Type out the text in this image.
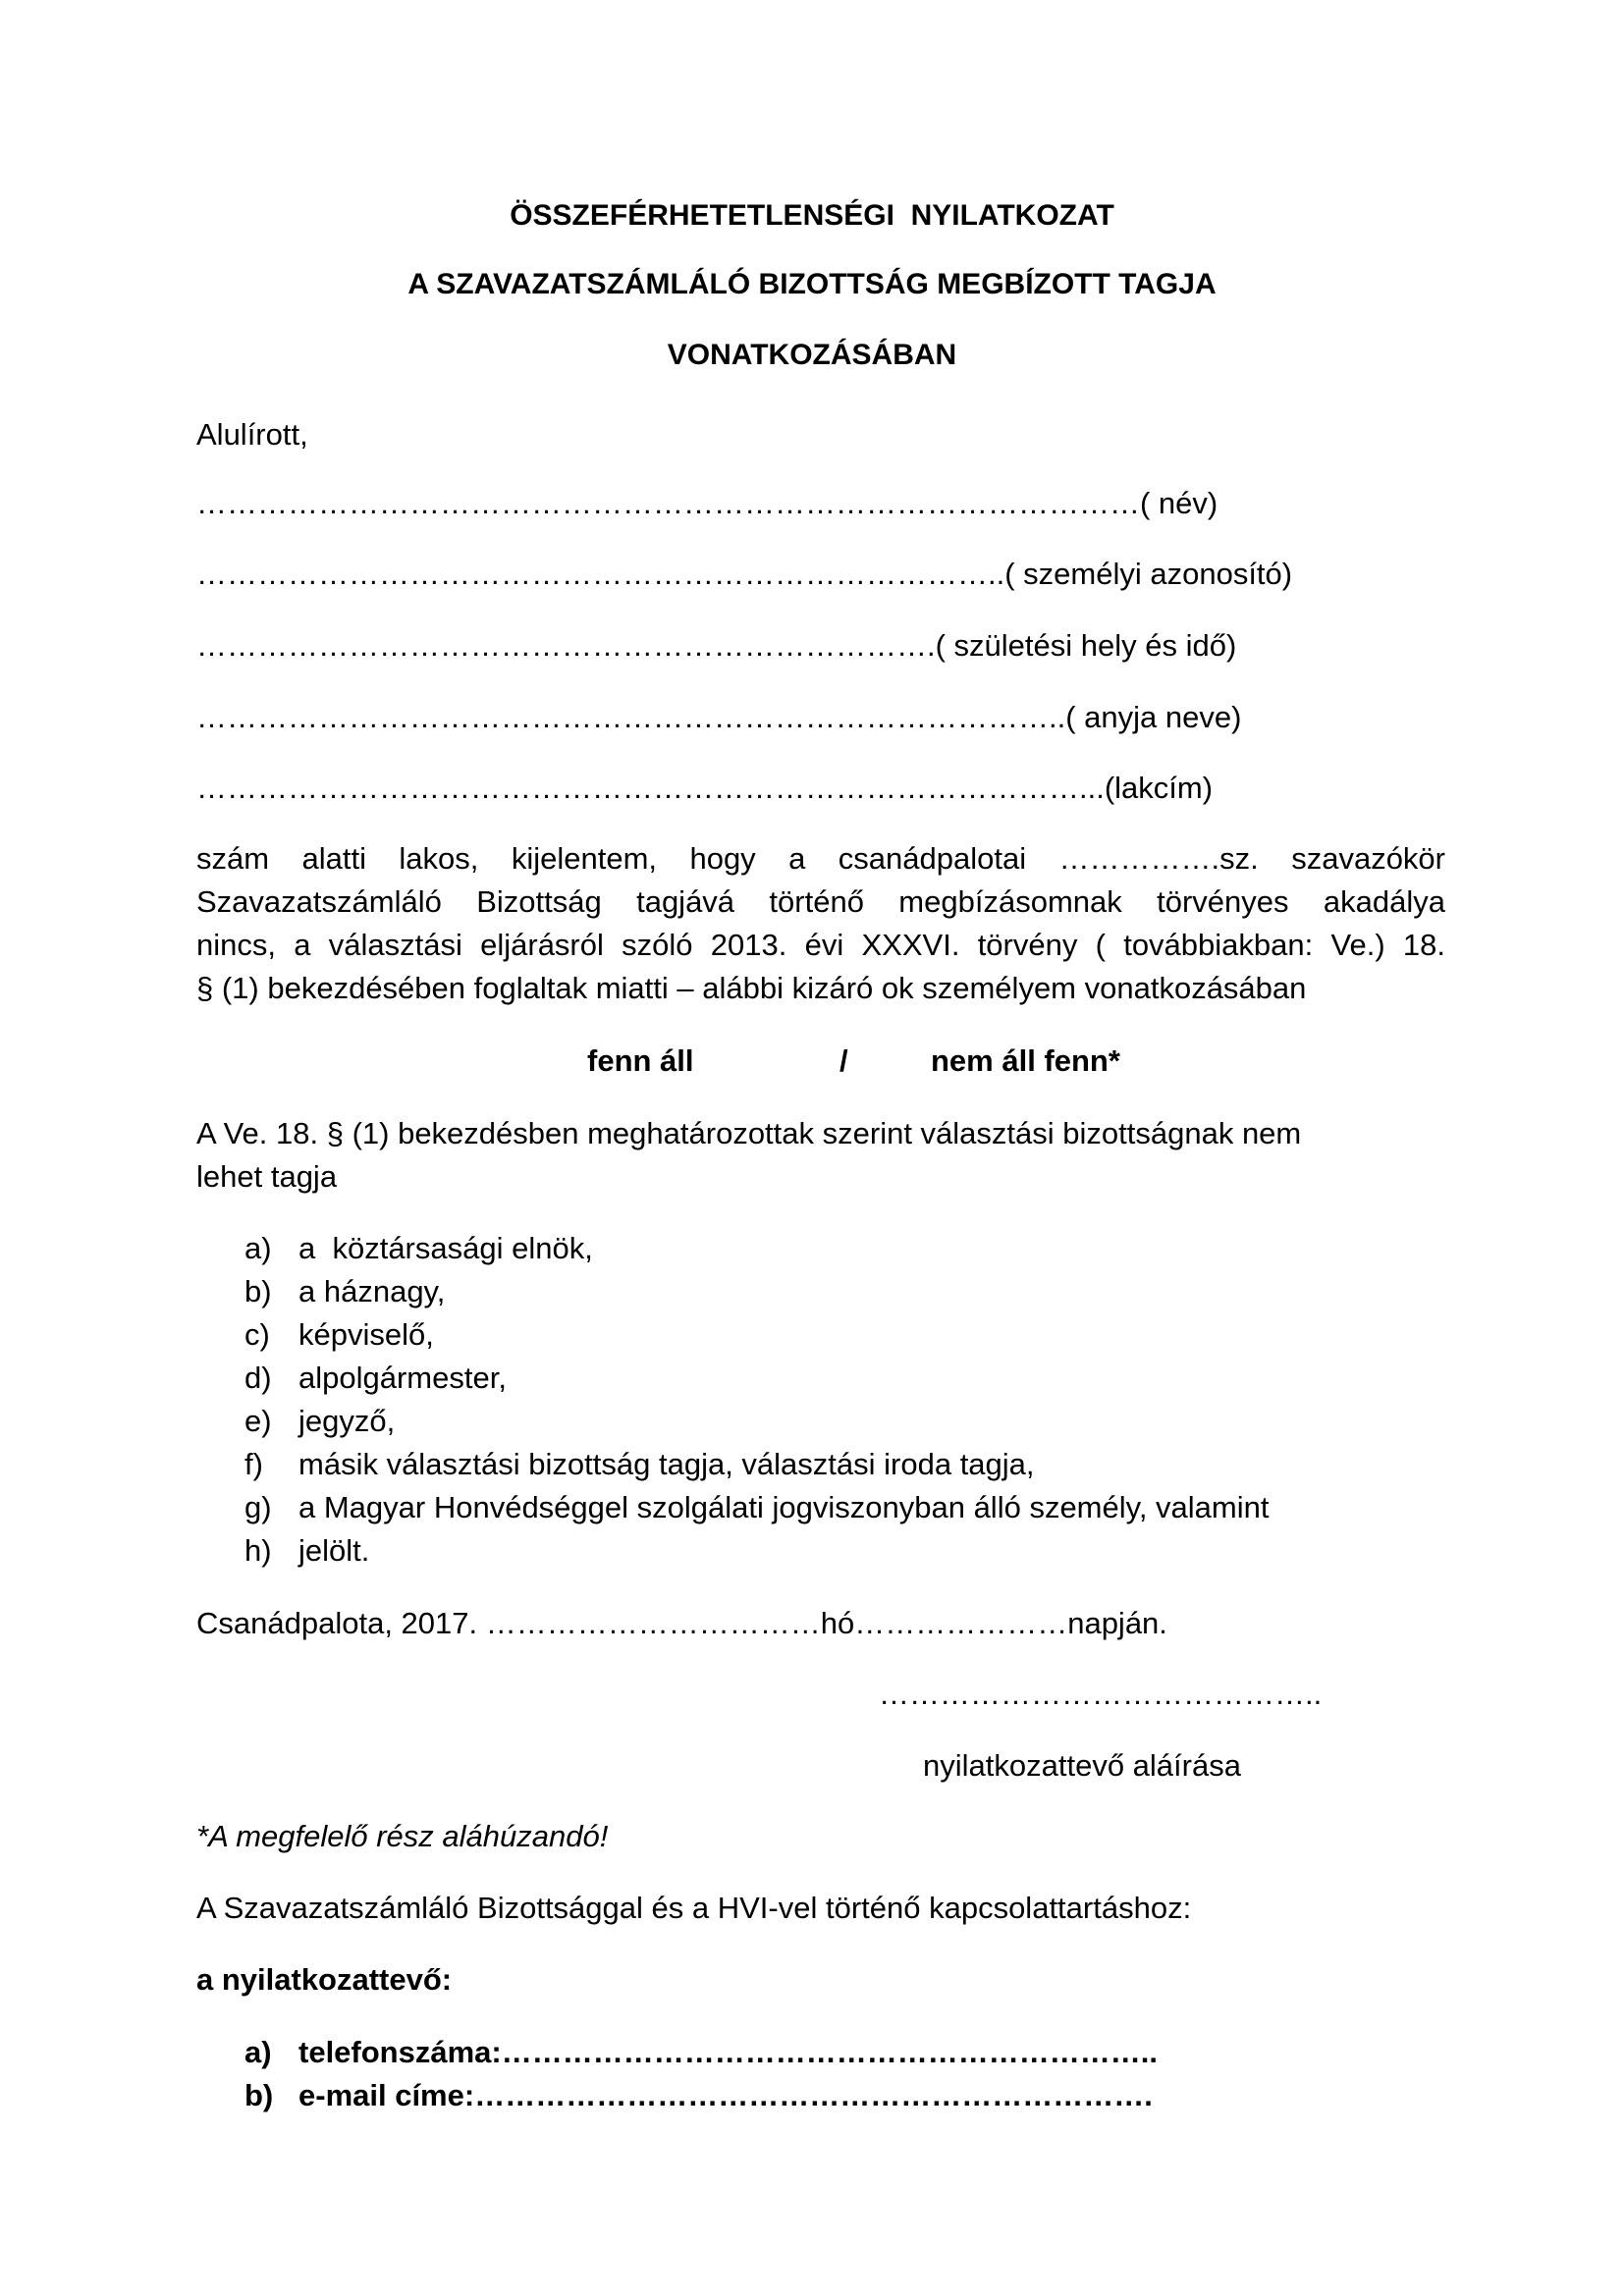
ÖSSZEFÉRHETETLENSÉGI  NYILATKOZAT
A SZAVAZATSZÁMLÁLÓ BIZOTTSÁG MEGBÍZOTT TAGJA
VONATKOZÁSÁBAN
Alulírott,
…………………………………………………………………………………( név)
……………………………………………………………………..( személyi azonosító)
……………………………………………………………….( születési hely és idő)
…………………………………………………………………………..( anyja neve)
……………………………………………………………………………...(lakcím)
szám alatti lakos, kijelentem, hogy a csanádpalotai …………….sz. szavazókör
Szavazatszámláló Bizottság tagjává történő megbízásomnak törvényes akadálya
nincs, a választási eljárásról szóló 2013. évi XXXVI. törvény ( továbbiakban: Ve.) 18.
§ (1) bekezdésében foglaltak miatti – alábbi kizáró ok személyem vonatkozásában
fenn áll	/	nem áll fenn*
A Ve. 18. § (1) bekezdésben meghatározottak szerint választási bizottságnak nem
lehet tagja
a) a  köztársasági elnök,
b) a háznagy,
c) képviselő,
d) alpolgármester,
e) jegyző,
f) másik választási bizottság tagja, választási iroda tagja,
g) a Magyar Honvédséggel szolgálati jogviszonyban álló személy, valamint
h) jelölt.
Csanádpalota, 2017. ……………………………hó…………………napján.
……………………………………..
nyilatkozattevő aláírása
*A megfelelő rész aláhúzandó!
A Szavazatszámláló Bizottsággal és a HVI-vel történő kapcsolattartáshoz:
a nyilatkozattevő:
a) telefonszáma:………………………………………………………..
b) e-mail címe:………………………………………………………….
